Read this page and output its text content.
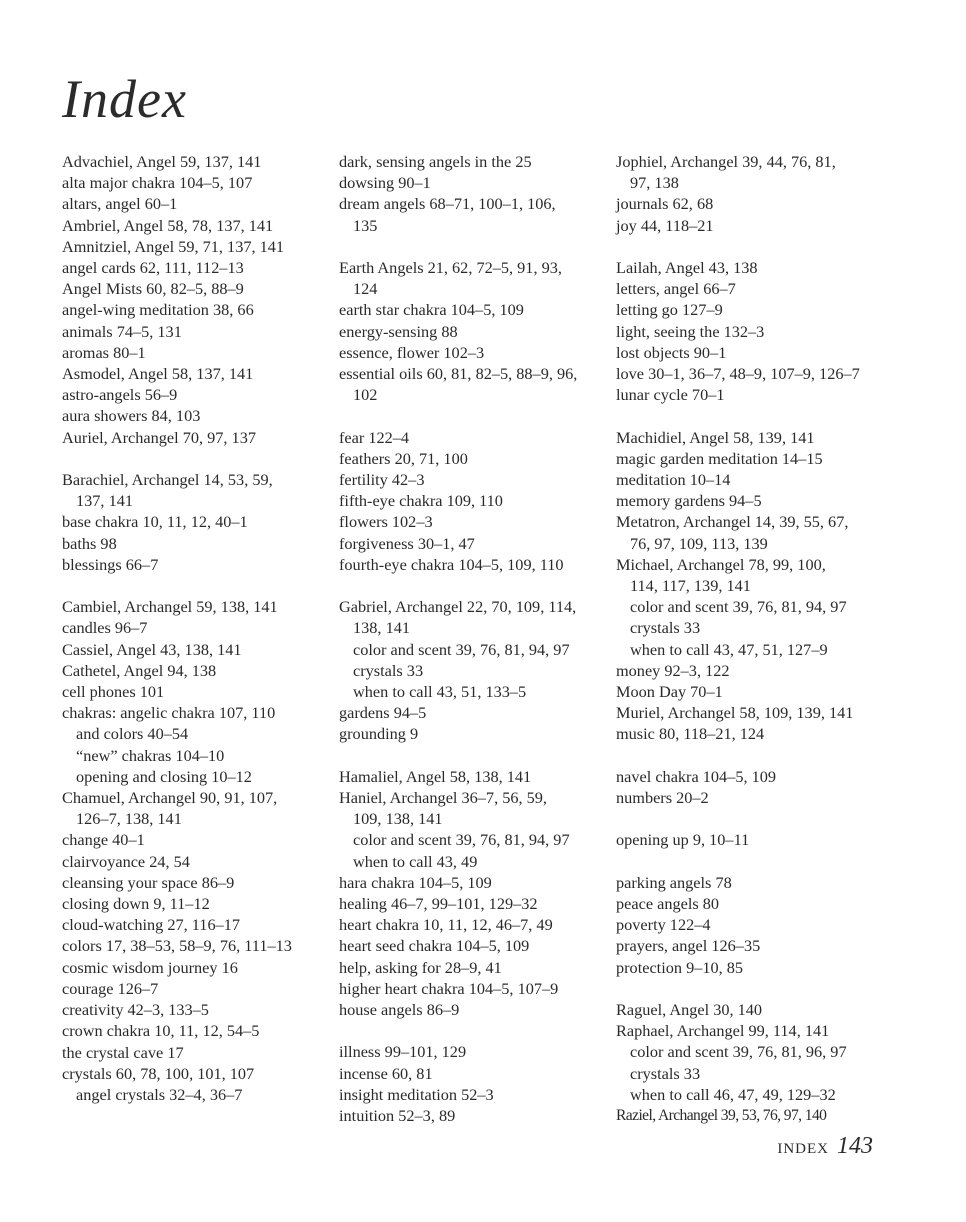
Index
Advachiel, Angel 59, 137, 141
alta major chakra 104–5, 107
altars, angel 60–1
Ambriel, Angel 58, 78, 137, 141
Amnitziel, Angel 59, 71, 137, 141
angel cards 62, 111, 112–13
Angel Mists 60, 82–5, 88–9
angel-wing meditation 38, 66
animals 74–5, 131
aromas 80–1
Asmodel, Angel 58, 137, 141
astro-angels 56–9
aura showers 84, 103
Auriel, Archangel 70, 97, 137
Barachiel, Archangel 14, 53, 59,
137, 141
base chakra 10, 11, 12, 40–1
baths 98
blessings 66–7
Cambiel, Archangel 59, 138, 141
candles 96–7
Cassiel, Angel 43, 138, 141
Cathetel, Angel 94, 138
cell phones 101
chakras: angelic chakra 107, 110
and colors 40–54
“new” chakras 104–10
opening and closing 10–12
Chamuel, Archangel 90, 91, 107,
126–7, 138, 141
change 40–1
clairvoyance 24, 54
cleansing your space 86–9
closing down 9, 11–12
cloud-watching 27, 116–17
colors 17, 38–53, 58–9, 76, 111–13
cosmic wisdom journey 16
courage 126–7
creativity 42–3, 133–5
crown chakra 10, 11, 12, 54–5
the crystal cave 17
crystals 60, 78, 100, 101, 107
angel crystals 32–4, 36–7
dark, sensing angels in the 25
dowsing 90–1
dream angels 68–71, 100–1, 106,
135
Earth Angels 21, 62, 72–5, 91, 93,
124
earth star chakra 104–5, 109
energy-sensing 88
essence, flower 102–3
essential oils 60, 81, 82–5, 88–9, 96,
102
fear 122–4
feathers 20, 71, 100
fertility 42–3
fifth-eye chakra 109, 110
flowers 102–3
forgiveness 30–1, 47
fourth-eye chakra 104–5, 109, 110
Gabriel, Archangel 22, 70, 109, 114,
138, 141
color and scent 39, 76, 81, 94, 97
crystals 33
when to call 43, 51, 133–5
gardens 94–5
grounding 9
Hamaliel, Angel 58, 138, 141
Haniel, Archangel 36–7, 56, 59,
109, 138, 141
color and scent 39, 76, 81, 94, 97
when to call 43, 49
hara chakra 104–5, 109
healing 46–7, 99–101, 129–32
heart chakra 10, 11, 12, 46–7, 49
heart seed chakra 104–5, 109
help, asking for 28–9, 41
higher heart chakra 104–5, 107–9
house angels 86–9
illness 99–101, 129
incense 60, 81
insight meditation 52–3
intuition 52–3, 89
Jophiel, Archangel 39, 44, 76, 81,
97, 138
journals 62, 68
joy 44, 118–21
Lailah, Angel 43, 138
letters, angel 66–7
letting go 127–9
light, seeing the 132–3
lost objects 90–1
love 30–1, 36–7, 48–9, 107–9, 126–7
lunar cycle 70–1
Machidiel, Angel 58, 139, 141
magic garden meditation 14–15
meditation 10–14
memory gardens 94–5
Metatron, Archangel 14, 39, 55, 67,
76, 97, 109, 113, 139
Michael, Archangel 78, 99, 100,
114, 117, 139, 141
color and scent 39, 76, 81, 94, 97
crystals 33
when to call 43, 47, 51, 127–9
money 92–3, 122
Moon Day 70–1
Muriel, Archangel 58, 109, 139, 141
music 80, 118–21, 124
navel chakra 104–5, 109
numbers 20–2
opening up 9, 10–11
parking angels 78
peace angels 80
poverty 122–4
prayers, angel 126–35
protection 9–10, 85
Raguel, Angel 30, 140
Raphael, Archangel 99, 114, 141
color and scent 39, 76, 81, 96, 97
crystals 33
when to call 46, 47, 49, 129–32
Raziel, Archangel 39, 53, 76, 97, 140
INDEX 143
